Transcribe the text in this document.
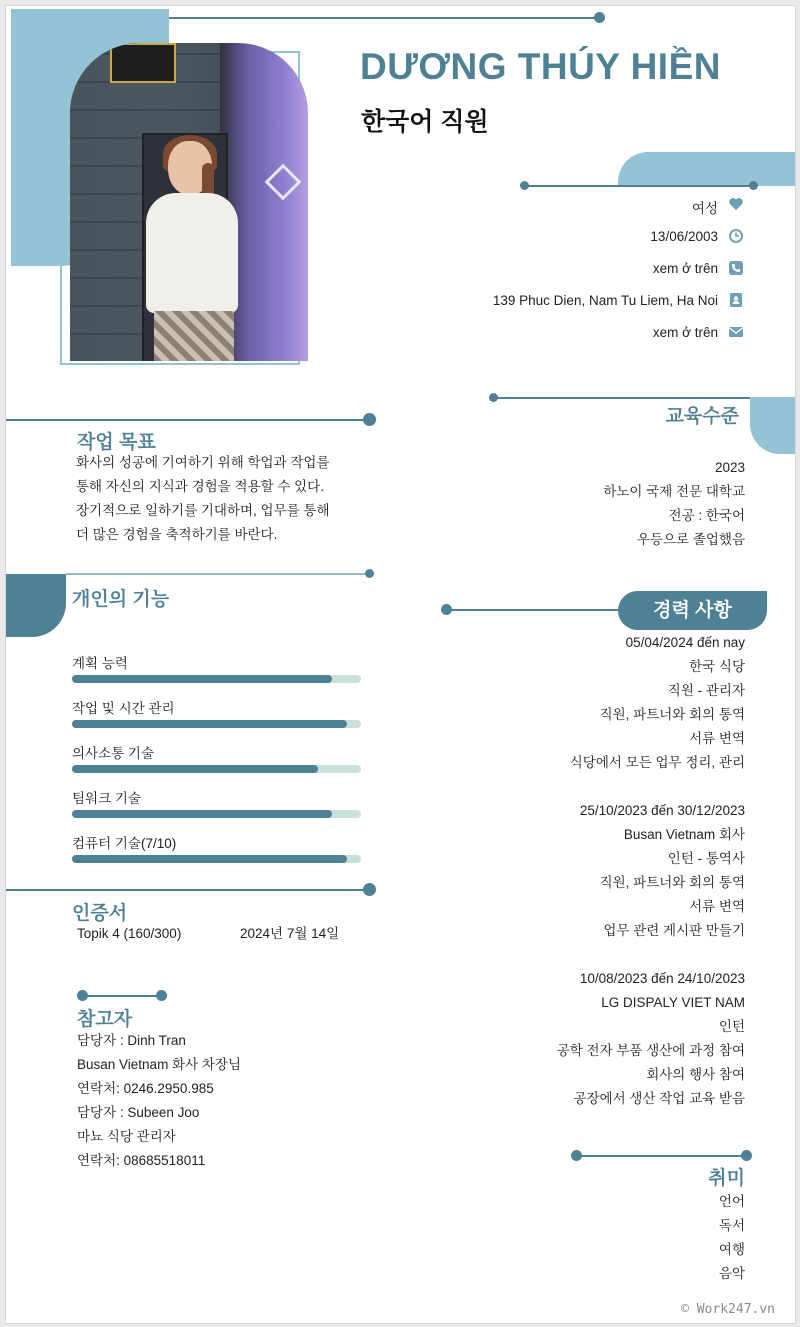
DƯƠNG THÚY HIỀN
한국어 직원
여성
13/06/2003
xem ở trên
139 Phuc Dien, Nam Tu Liem, Ha Noi
xem ở trên
작업 목표
화사의 성공에 기여하기 위해 학업과 작업를
통해 자신의 지식과 경험을 적용할 수 있다.
장기적으로 일하기를 기대하며, 업무를 통해
더 많은 경험을 축적하기를 바란다.
교육수준
2023
하노이 국제 전문 대학교
전공 : 한국어
우등으로 졸업했음
개인의 기능
계획 능력
작업 및 시간 관리
의사소통 기술
팀워크 기술
컴퓨터 기술(7/10)
경력 사항
05/04/2024 đến nay
한국 식당
직원 - 관리자
직원, 파트너와 회의 통역
서류 변역
식당에서 모든 업무 정리, 관리
25/10/2023 đến 30/12/2023
Busan Vietnam 회사
인턴 - 통역사
직원, 파트너와 회의 통역
서류 변역
업무 관련 게시판 만들기
10/08/2023 đến 24/10/2023
LG DISPALY VIET NAM
인턴
공학 전자 부품 생산에 과정 참여
회사의 행사 참여
공장에서 생산 작업 교육 받음
인증서
Topik 4 (160/300)	2024년 7월 14일
참고자
담당자 : Dinh Tran
Busan Vietnam 화사 차장님
연락처: 0246.2950.985
담당자 : Subeen Joo
마뇨 식당 관리자
연락처: 08685518011
취미
언어
독서
여행
음악
© Work247.vn
